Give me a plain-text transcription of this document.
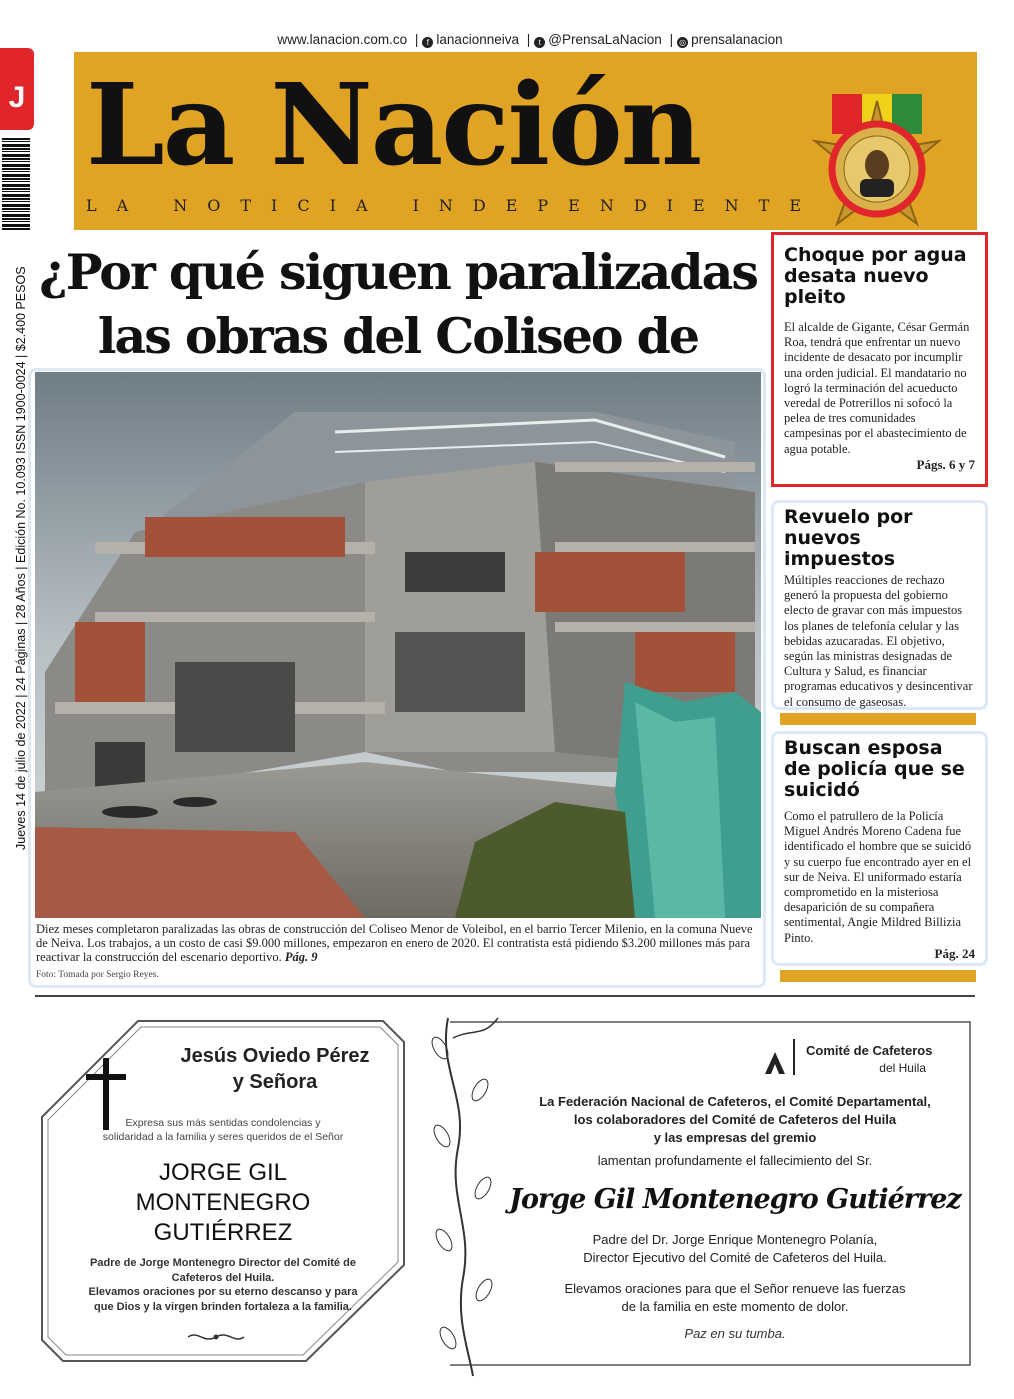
www.lanacion.com.co | f lanacionneiva | t @PrensaLaNacion | ◎ prensalanacion
J
Jueves 14 de julio de 2022 | 24 Páginas | 28 Años | Edición No. 10.093 ISSN 1900-0024 | $2.400 PESOS
La Nación
LA NOTICIA INDEPENDIENTE
¿Por qué siguen paralizadas las obras del Coliseo de
Diez meses completaron paralizadas las obras de construcción del Coliseo Menor de Voleibol, en el barrio Tercer Milenio, en la comuna Nueve de Neiva. Los trabajos, a un costo de casi $9.000 millones, empezaron en enero de 2020. El contratista está pidiendo $3.200 millones más para reactivar la construcción del escenario deportivo. Pág. 9
Foto: Tomada por Sergio Reyes.
Choque por agua desata nuevo pleito

El alcalde de Gigante, César Germán Roa, tendrá que enfrentar un nuevo incidente de desacato por incumplir una orden judicial. El mandatario no logró la terminación del acueducto veredal de Potrerillos ni sofocó la pelea de tres comunidades campesinas por el abastecimiento de agua potable.

Págs. 6 y 7

Revuelo por nuevos impuestos

Múltiples reacciones de rechazo generó la propuesta del gobierno electo de gravar con más impuestos los planes de telefonía celular y las bebidas azucaradas. El objetivo, según las ministras designadas de Cultura y Salud, es financiar programas educativos y desincentivar el consumo de gaseosas.

Buscan esposa de policía que se suicidó

Como el patrullero de la Policía Miguel Andrés Moreno Cadena fue identificado el hombre que se suicidó y su cuerpo fue encontrado ayer en el sur de Neiva. El uniformado estaría comprometido en la misteriosa desaparición de su compañera sentimental, Angie Mildred Billizia Pinto.

Pág. 24

Jesús Oviedo Pérez
y Señora
Expresa sus más sentidas condolencias y
solidaridad a la familia y seres queridos de el Señor
JORGE GIL
MONTENEGRO
GUTIÉRREZ
Padre de Jorge Montenegro Director del Comité de
Cafeteros del Huila.
Elevamos oraciones por su eterno descanso y para
que Dios y la virgen brinden fortaleza a la familia.
Comité de Cafeteros
del Huila
La Federación Nacional de Cafeteros, el Comité Departamental,
los colaboradores del Comité de Cafeteros del Huila
y las empresas del gremio
lamentan profundamente el fallecimiento del Sr.
Jorge Gil Montenegro Gutiérrez
Padre del Dr. Jorge Enrique Montenegro Polanía,
Director Ejecutivo del Comité de Cafeteros del Huila.
Elevamos oraciones para que el Señor renueve las fuerzas
de la familia en este momento de dolor.
Paz en su tumba.
